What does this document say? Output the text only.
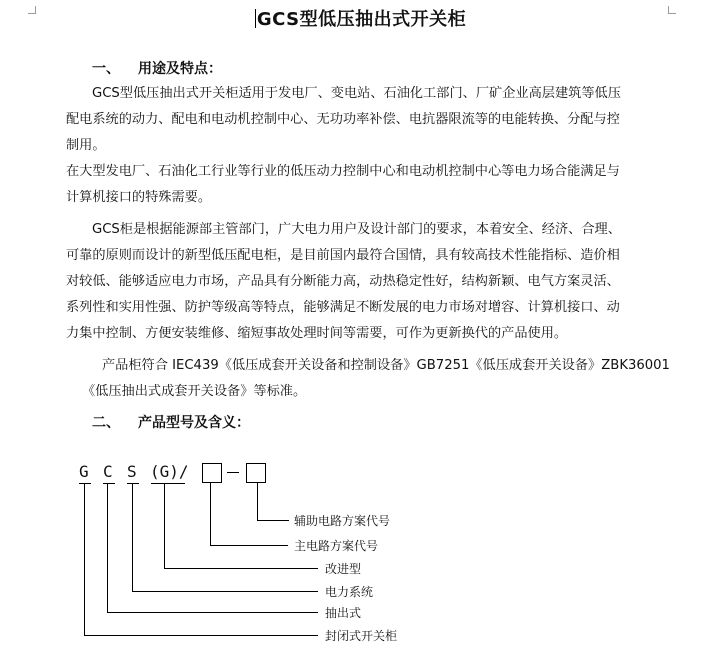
GCS型低压抽出式开关柜
一、 用途及特点：
GCS型低压抽出式开关柜适用于发电厂、变电站、石油化工部门、厂矿企业高层建筑等低压
配电系统的动力、配电和电动机控制中心、无功功率补偿、电抗器限流等的电能转换、分配与控
制用。
在大型发电厂、石油化工行业等行业的低压动力控制中心和电动机控制中心等电力场合能满足与
计算机接口的特殊需要。
GCS柜是根据能源部主管部门，广大电力用户及设计部门的要求，本着安全、经济、合理、
可靠的原则而设计的新型低压配电柜，是目前国内最符合国情，具有较高技术性能指标、造价相
对较低、能够适应电力市场，产品具有分断能力高，动热稳定性好，结构新颖、电气方案灵活、
系列性和实用性强、防护等级高等特点，能够满足不断发展的电力市场对增容、计算机接口、动
力集中控制、方便安装维修、缩短事故处理时间等需要，可作为更新换代的产品使用。
产品柜符合 IEC439《低压成套开关设备和控制设备》GB7251《低压成套开关设备》ZBK36001
《低压抽出式成套开关设备》等标准。
二、 产品型号及含义：
G C S (G)/
辅助电路方案代号
主电路方案代号
改进型
电力系统
抽出式
封闭式开关柜
